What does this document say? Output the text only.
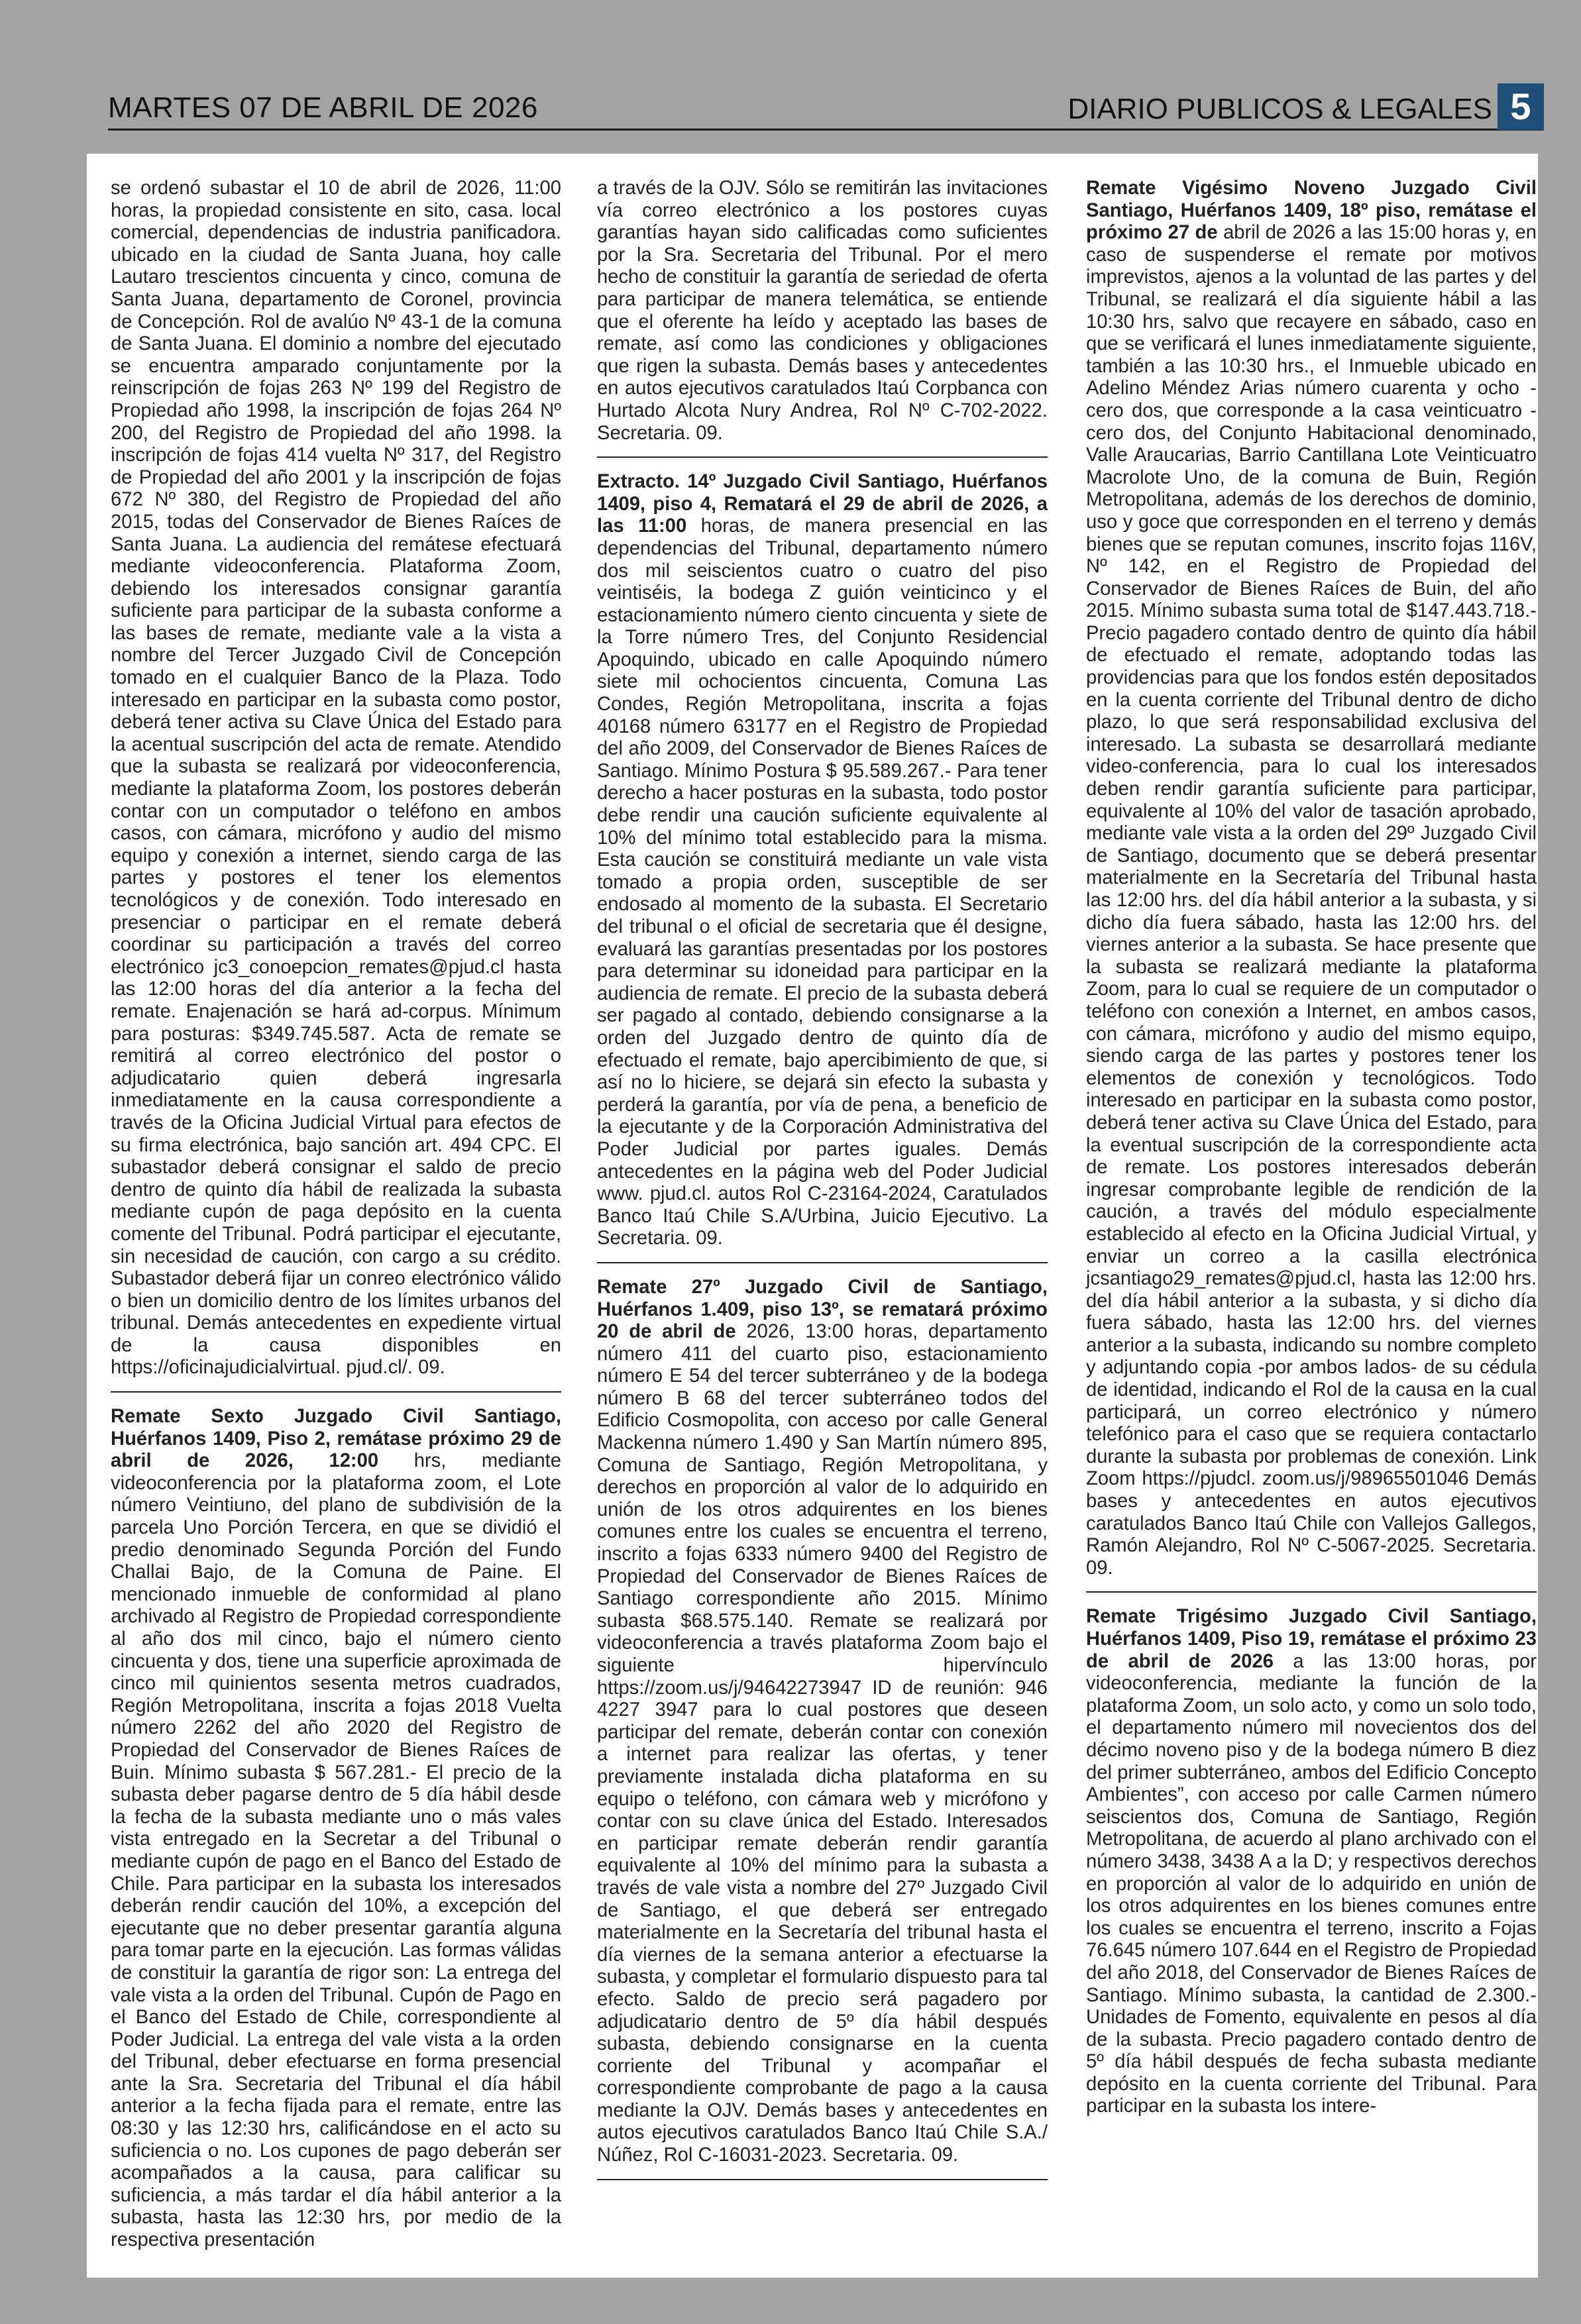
MARTES 07 DE ABRIL DE 2026	DIARIO PUBLICOS & LEGALES 5

se ordenó subastar el 10 de abril de 2026, 11:00 horas, la propiedad consistente en sito, casa. local comercial, dependencias de industria panificadora. ubicado en la ciudad de Santa Juana, hoy calle Lautaro trescientos cincuenta y cinco, comuna de Santa Juana, departamento de Coronel, provincia de Concepción. Rol de avalúo Nº 43-1 de la comuna de Santa Juana. El dominio a nombre del ejecutado se encuentra amparado conjuntamente por la reinscripción de fojas 263 Nº 199 del Registro de Propiedad año 1998, la inscripción de fojas 264 Nº 200, del Registro de Propiedad del año 1998. la inscripción de fojas 414 vuelta Nº 317, del Registro de Propiedad del año 2001 y la inscripción de fojas 672 Nº 380, del Registro de Propiedad del año 2015, todas del Conservador de Bienes Raíces de Santa Juana. La audiencia del remátese efectuará mediante videoconferencia. Plataforma Zoom, debiendo los interesados consignar garantía suficiente para participar de la subasta conforme a las bases de remate, mediante vale a la vista a nombre del Tercer Juzgado Civil de Concepción tomado en el cualquier Banco de la Plaza. Todo interesado en participar en la subasta como postor, deberá tener activa su Clave Única del Estado para la acentual suscripción del acta de remate. Atendido que la subasta se realizará por videoconferencia, mediante la plataforma Zoom, los postores deberán contar con un computador o teléfono en ambos casos, con cámara, micrófono y audio del mismo equipo y conexión a internet, siendo carga de las partes y postores el tener los elementos tecnológicos y de conexión. Todo interesado en presenciar o participar en el remate deberá coordinar su participación a través del correo electrónico jc3_conoepcion_remates@pjud.cl hasta las 12:00 horas del día anterior a la fecha del remate. Enajenación se hará ad-corpus. Mínimum para posturas: $349.745.587. Acta de remate se remitirá al correo electrónico del postor o adjudicatario quien deberá ingresarla inmediatamente en la causa correspondiente a través de la Oficina Judicial Virtual para efectos de su firma electrónica, bajo sanción art. 494 CPC. El subastador deberá consignar el saldo de precio dentro de quinto día hábil de realizada la subasta mediante cupón de paga depósito en la cuenta comente del Tribunal. Podrá participar el ejecutante, sin necesidad de caución, con cargo a su crédito. Subastador deberá fijar un conreo electrónico válido o bien un domicilio dentro de los límites urbanos del tribunal. Demás antecedentes en expediente virtual de la causa disponibles en https://oficinajudicialvirtual. pjud.cl/. 09.

Remate Sexto Juzgado Civil Santiago, Huérfanos 1409, Piso 2, remátase próximo 29 de abril de 2026, 12:00 hrs, mediante videoconferencia por la plataforma zoom, el Lote número Veintiuno, del plano de subdivisión de la parcela Uno Porción Tercera, en que se dividió el predio denominado Segunda Porción del Fundo Challai Bajo, de la Comuna de Paine. El mencionado inmueble de conformidad al plano archivado al Registro de Propiedad correspondiente al año dos mil cinco, bajo el número ciento cincuenta y dos, tiene una superficie aproximada de cinco mil quinientos sesenta metros cuadrados, Región Metropolitana, inscrita a fojas 2018 Vuelta número 2262 del año 2020 del Registro de Propiedad del Conservador de Bienes Raíces de Buin. Mínimo subasta $ 567.281.- El precio de la subasta deber pagarse dentro de 5 día hábil desde la fecha de la subasta mediante uno o más vales vista entregado en la Secretar a del Tribunal o mediante cupón de pago en el Banco del Estado de Chile. Para participar en la subasta los interesados deberán rendir caución del 10%, a excepción del ejecutante que no deber presentar garantía alguna para tomar parte en la ejecución. Las formas válidas de constituir la garantía de rigor son: La entrega del vale vista a la orden del Tribunal. Cupón de Pago en el Banco del Estado de Chile, correspondiente al Poder Judicial. La entrega del vale vista a la orden del Tribunal, deber efectuarse en forma presencial ante la Sra. Secretaria del Tribunal el día hábil anterior a la fecha fijada para el remate, entre las 08:30 y las 12:30 hrs, calificándose en el acto su suficiencia o no. Los cupones de pago deberán ser acompañados a la causa, para calificar su suficiencia, a más tardar el día hábil anterior a la subasta, hasta las 12:30 hrs, por medio de la respectiva presentación

a través de la OJV. Sólo se remitirán las invitaciones vía correo electrónico a los postores cuyas garantías hayan sido calificadas como suficientes por la Sra. Secretaria del Tribunal. Por el mero hecho de constituir la garantía de seriedad de oferta para participar de manera telemática, se entiende que el oferente ha leído y aceptado las bases de remate, así como las condiciones y obligaciones que rigen la subasta. Demás bases y antecedentes en autos ejecutivos caratulados Itaú Corpbanca con Hurtado Alcota Nury Andrea, Rol Nº C-702-2022. Secretaria. 09.

Extracto. 14º Juzgado Civil Santiago, Huérfanos 1409, piso 4, Rematará el 29 de abril de 2026, a las 11:00 horas, de manera presencial en las dependencias del Tribunal, departamento número dos mil seiscientos cuatro o cuatro del piso veintiséis, la bodega Z guión veinticinco y el estacionamiento número ciento cincuenta y siete de la Torre número Tres, del Conjunto Residencial Apoquindo, ubicado en calle Apoquindo número siete mil ochocientos cincuenta, Comuna Las Condes, Región Metropolitana, inscrita a fojas 40168 número 63177 en el Registro de Propiedad del año 2009, del Conservador de Bienes Raíces de Santiago. Mínimo Postura $ 95.589.267.- Para tener derecho a hacer posturas en la subasta, todo postor debe rendir una caución suficiente equivalente al 10% del mínimo total establecido para la misma. Esta caución se constituirá mediante un vale vista tomado a propia orden, susceptible de ser endosado al momento de la subasta. El Secretario del tribunal o el oficial de secretaria que él designe, evaluará las garantías presentadas por los postores para determinar su idoneidad para participar en la audiencia de remate. El precio de la subasta deberá ser pagado al contado, debiendo consignarse a la orden del Juzgado dentro de quinto día de efectuado el remate, bajo apercibimiento de que, si así no lo hiciere, se dejará sin efecto la subasta y perderá la garantía, por vía de pena, a beneficio de la ejecutante y de la Corporación Administrativa del Poder Judicial por partes iguales. Demás antecedentes en la página web del Poder Judicial www. pjud.cl. autos Rol C-23164-2024, Caratulados Banco Itaú Chile S.A/Urbina, Juicio Ejecutivo. La Secretaria. 09.

Remate 27º Juzgado Civil de Santiago, Huérfanos 1.409, piso 13º, se rematará próximo 20 de abril de 2026, 13:00 horas, departamento número 411 del cuarto piso, estacionamiento número E 54 del tercer subterráneo y de la bodega número B 68 del tercer subterráneo todos del Edificio Cosmopolita, con acceso por calle General Mackenna número 1.490 y San Martín número 895, Comuna de Santiago, Región Metropolitana, y derechos en proporción al valor de lo adquirido en unión de los otros adquirentes en los bienes comunes entre los cuales se encuentra el terreno, inscrito a fojas 6333 número 9400 del Registro de Propiedad del Conservador de Bienes Raíces de Santiago correspondiente año 2015. Mínimo subasta $68.575.140. Remate se realizará por videoconferencia a través plataforma Zoom bajo el siguiente hipervínculo https://zoom.us/j/94642273947 ID de reunión: 946 4227 3947 para lo cual postores que deseen participar del remate, deberán contar con conexión a internet para realizar las ofertas, y tener previamente instalada dicha plataforma en su equipo o teléfono, con cámara web y micrófono y contar con su clave única del Estado. Interesados en participar remate deberán rendir garantía equivalente al 10% del mínimo para la subasta a través de vale vista a nombre del 27º Juzgado Civil de Santiago, el que deberá ser entregado materialmente en la Secretaría del tribunal hasta el día viernes de la semana anterior a efectuarse la subasta, y completar el formulario dispuesto para tal efecto. Saldo de precio será pagadero por adjudicatario dentro de 5º día hábil después subasta, debiendo consignarse en la cuenta corriente del Tribunal y acompañar el correspondiente comprobante de pago a la causa mediante la OJV. Demás bases y antecedentes en autos ejecutivos caratulados Banco Itaú Chile S.A./ Núñez, Rol C-16031-2023. Secretaria. 09.

Remate Vigésimo Noveno Juzgado Civil Santiago, Huérfanos 1409, 18º piso, remátase el próximo 27 de abril de 2026 a las 15:00 horas y, en caso de suspenderse el remate por motivos imprevistos, ajenos a la voluntad de las partes y del Tribunal, se realizará el día siguiente hábil a las 10:30 hrs, salvo que recayere en sábado, caso en que se verificará el lunes inmediatamente siguiente, también a las 10:30 hrs., el Inmueble ubicado en Adelino Méndez Arias número cuarenta y ocho - cero dos, que corresponde a la casa veinticuatro - cero dos, del Conjunto Habitacional denominado, Valle Araucarias, Barrio Cantillana Lote Veinticuatro Macrolote Uno, de la comuna de Buin, Región Metropolitana, además de los derechos de dominio, uso y goce que corresponden en el terreno y demás bienes que se reputan comunes, inscrito fojas 116V, Nº 142, en el Registro de Propiedad del Conservador de Bienes Raíces de Buin, del año 2015. Mínimo subasta suma total de $147.443.718.- Precio pagadero contado dentro de quinto día hábil de efectuado el remate, adoptando todas las providencias para que los fondos estén depositados en la cuenta corriente del Tribunal dentro de dicho plazo, lo que será responsabilidad exclusiva del interesado. La subasta se desarrollará mediante video-conferencia, para lo cual los interesados deben rendir garantía suficiente para participar, equivalente al 10% del valor de tasación aprobado, mediante vale vista a la orden del 29º Juzgado Civil de Santiago, documento que se deberá presentar materialmente en la Secretaría del Tribunal hasta las 12:00 hrs. del día hábil anterior a la subasta, y si dicho día fuera sábado, hasta las 12:00 hrs. del viernes anterior a la subasta. Se hace presente que la subasta se realizará mediante la plataforma Zoom, para lo cual se requiere de un computador o teléfono con conexión a Internet, en ambos casos, con cámara, micrófono y audio del mismo equipo, siendo carga de las partes y postores tener los elementos de conexión y tecnológicos. Todo interesado en participar en la subasta como postor, deberá tener activa su Clave Única del Estado, para la eventual suscripción de la correspondiente acta de remate. Los postores interesados deberán ingresar comprobante legible de rendición de la caución, a través del módulo especialmente establecido al efecto en la Oficina Judicial Virtual, y enviar un correo a la casilla electrónica jcsantiago29_remates@pjud.cl, hasta las 12:00 hrs. del día hábil anterior a la subasta, y si dicho día fuera sábado, hasta las 12:00 hrs. del viernes anterior a la subasta, indicando su nombre completo y adjuntando copia -por ambos lados- de su cédula de identidad, indicando el Rol de la causa en la cual participará, un correo electrónico y número telefónico para el caso que se requiera contactarlo durante la subasta por problemas de conexión. Link Zoom https://pjudcl. zoom.us/j/98965501046 Demás bases y antecedentes en autos ejecutivos caratulados Banco Itaú Chile con Vallejos Gallegos, Ramón Alejandro, Rol Nº C-5067-2025. Secretaria. 09.

Remate Trigésimo Juzgado Civil Santiago, Huérfanos 1409, Piso 19, remátase el próximo 23 de abril de 2026 a las 13:00 horas, por videoconferencia, mediante la función de la plataforma Zoom, un solo acto, y como un solo todo, el departamento número mil novecientos dos del décimo noveno piso y de la bodega número B diez del primer subterráneo, ambos del Edificio Concepto Ambientes”, con acceso por calle Carmen número seiscientos dos, Comuna de Santiago, Región Metropolitana, de acuerdo al plano archivado con el número 3438, 3438 A a la D; y respectivos derechos en proporción al valor de lo adquirido en unión de los otros adquirentes en los bienes comunes entre los cuales se encuentra el terreno, inscrito a Fojas 76.645 número 107.644 en el Registro de Propiedad del año 2018, del Conservador de Bienes Raíces de Santiago. Mínimo subasta, la cantidad de 2.300.- Unidades de Fomento, equivalente en pesos al día de la subasta. Precio pagadero contado dentro de 5º día hábil después de fecha subasta mediante depósito en la cuenta corriente del Tribunal. Para participar en la subasta los intere-
